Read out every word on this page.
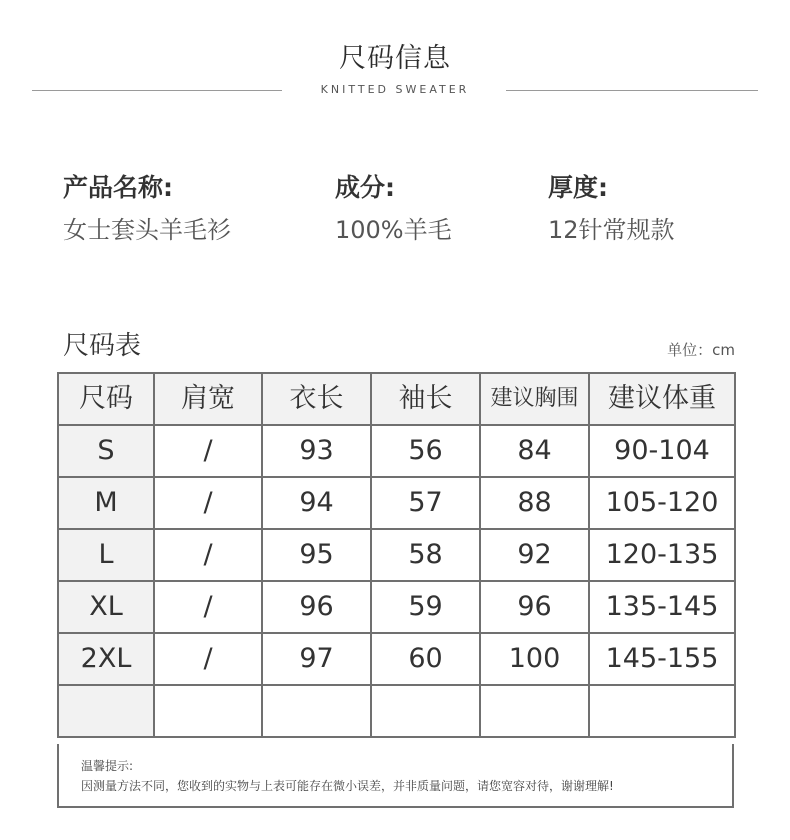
尺码信息
KNITTED SWEATER
产品名称:
女士套头羊毛衫
成分:
100%羊毛
厚度:
12针常规款
尺码表	单位：cm
尺码	肩宽	衣长	袖长	建议胸围	建议体重
S	/	93	56	84	90-104
M	/	94	57	88	105-120
L	/	95	58	92	120-135
XL	/	96	59	96	135-145
2XL	/	97	60	100	145-155

温馨提示:
因测量方法不同，您收到的实物与上表可能存在微小误差，并非质量问题，请您宽容对待，谢谢理解!
